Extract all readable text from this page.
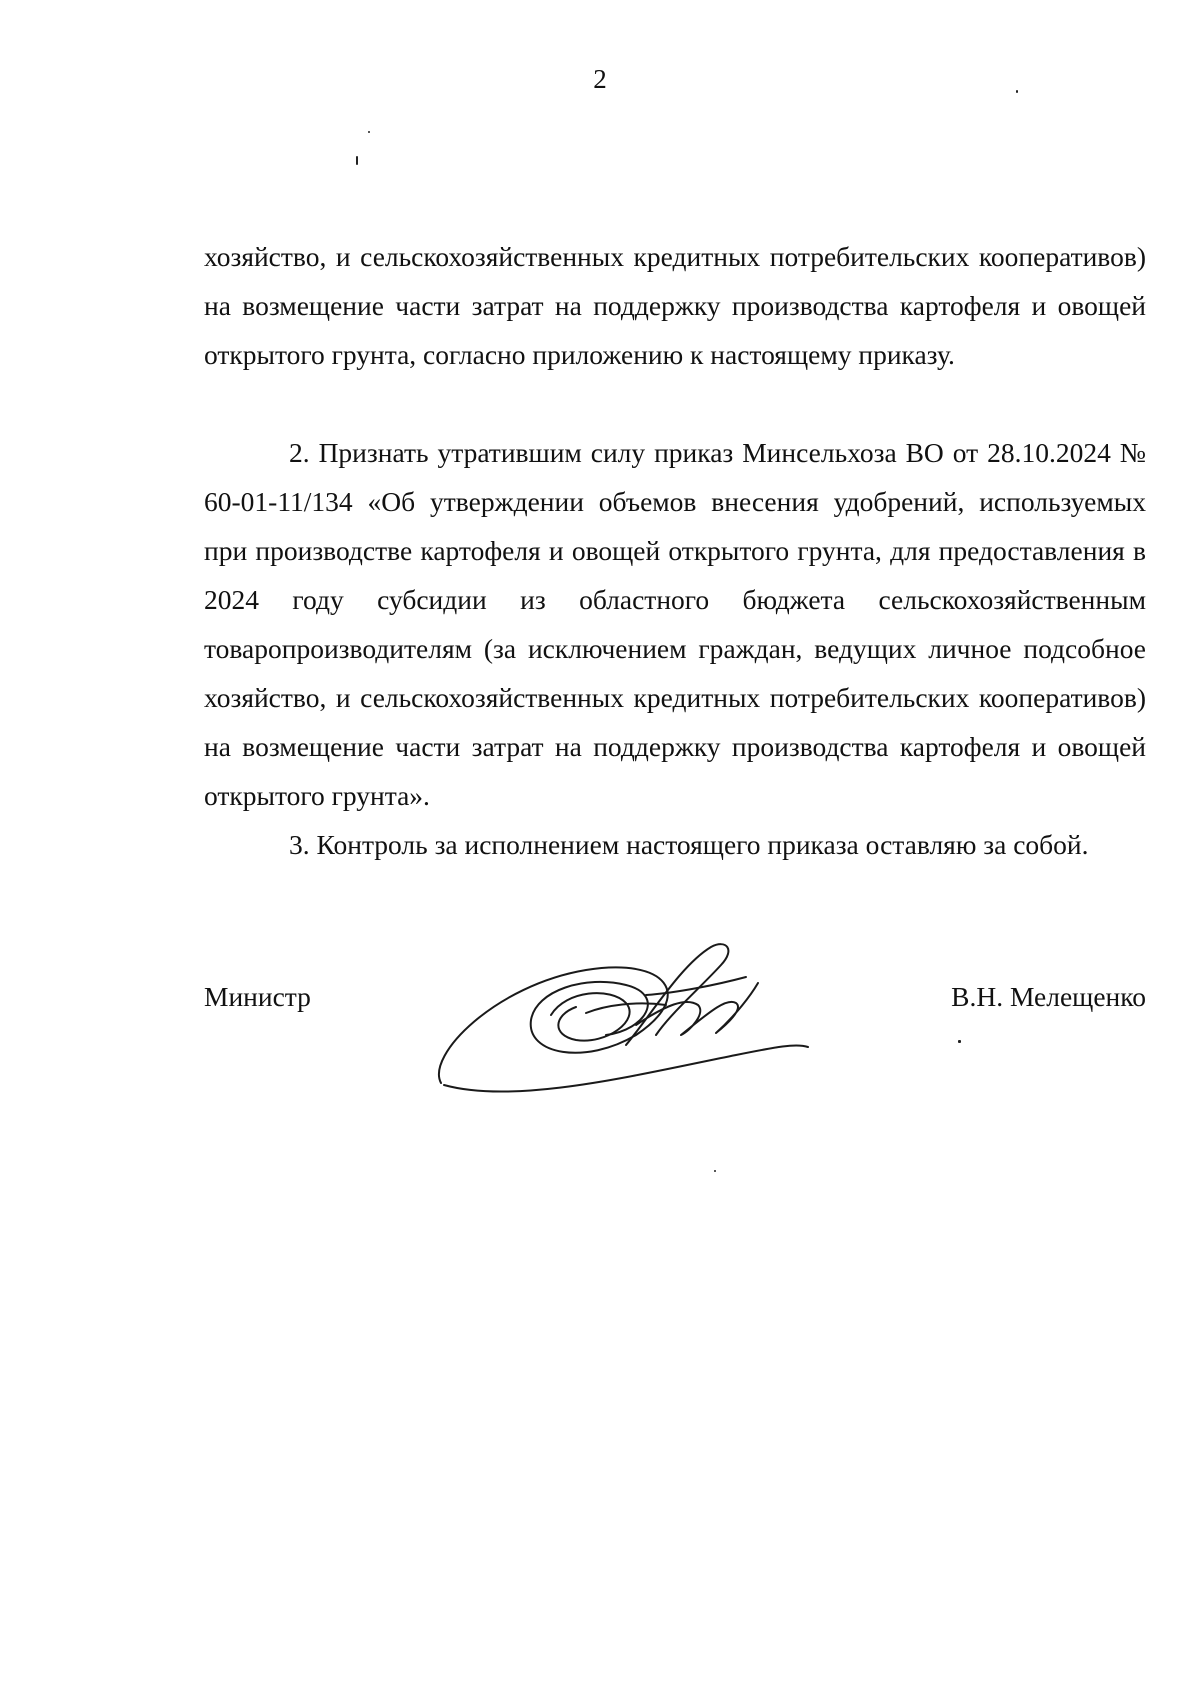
2

хозяйство, и сельскохозяйственных кредитных потребительских кооперативов) на возмещение части затрат на поддержку производства картофеля и овощей открытого грунта, согласно приложению к настоящему приказу.

2. Признать утратившим силу приказ Минсельхоза ВО от 28.10.2024 № 60-01-11/134 «Об утверждении объемов внесения удобрений, используемых при производстве картофеля и овощей открытого грунта, для предоставления в 2024 году субсидии из областного бюджета сельскохозяйственным товаропроизводителям (за исключением граждан, ведущих личное подсобное хозяйство, и сельскохозяйственных кредитных потребительских кооперативов) на возмещение части затрат на поддержку производства картофеля и овощей открытого грунта».

3. Контроль за исполнением настоящего приказа оставляю за собой.

Министр	В.Н. Мелещенко
